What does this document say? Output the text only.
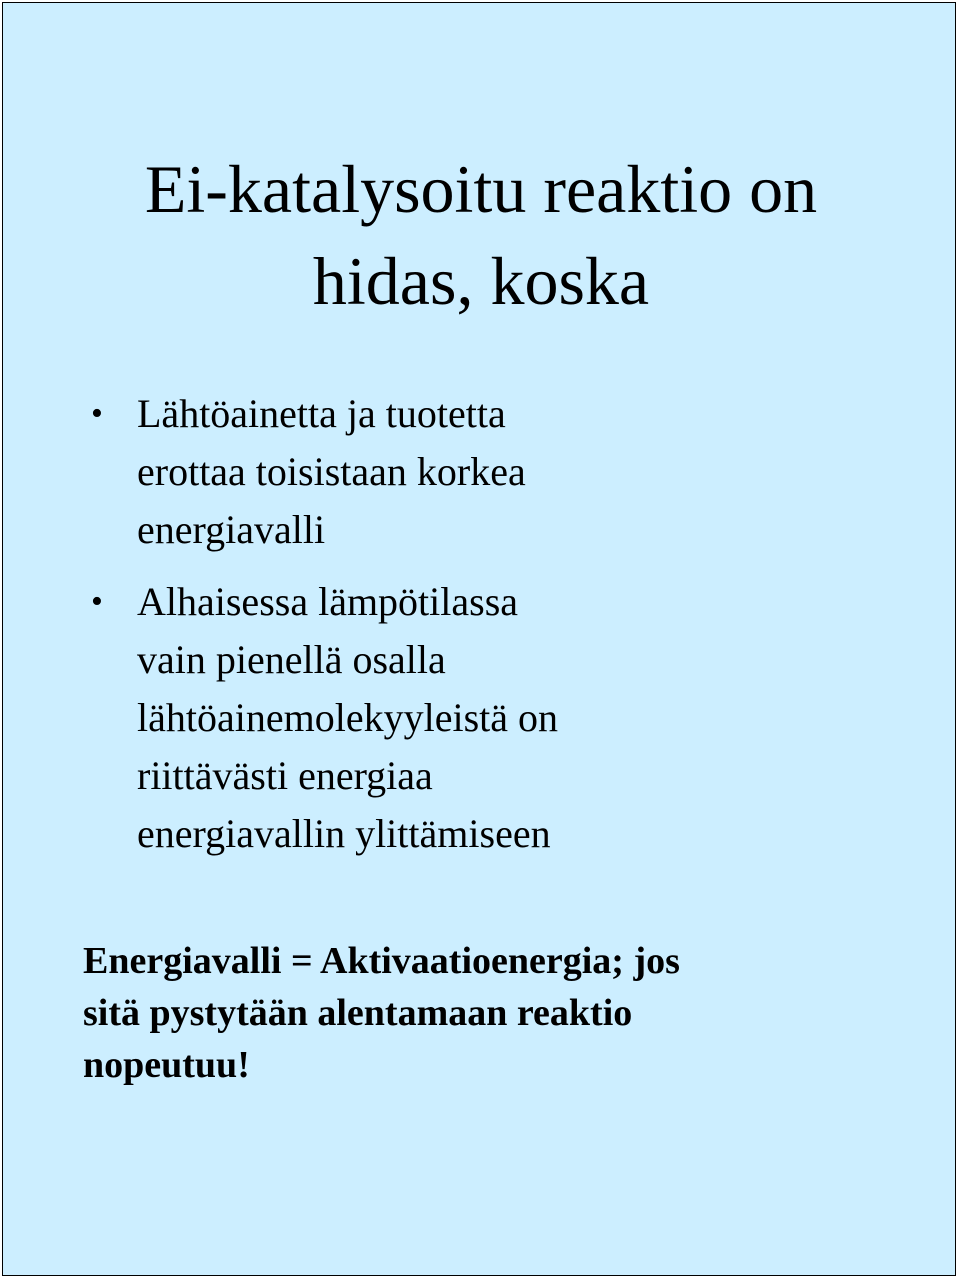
Ei-katalysoitu reaktio on
hidas, koska
• Lähtöainetta ja tuotetta
erottaa toisistaan korkea
energiavalli
• Alhaisessa lämpötilassa
vain pienellä osalla
lähtöainemolekyyleistä on
riittävästi energiaa
energiavallin ylittämiseen

Energiavalli = Aktivaatioenergia; jos
sitä pystytään alentamaan reaktio
nopeutuu!
